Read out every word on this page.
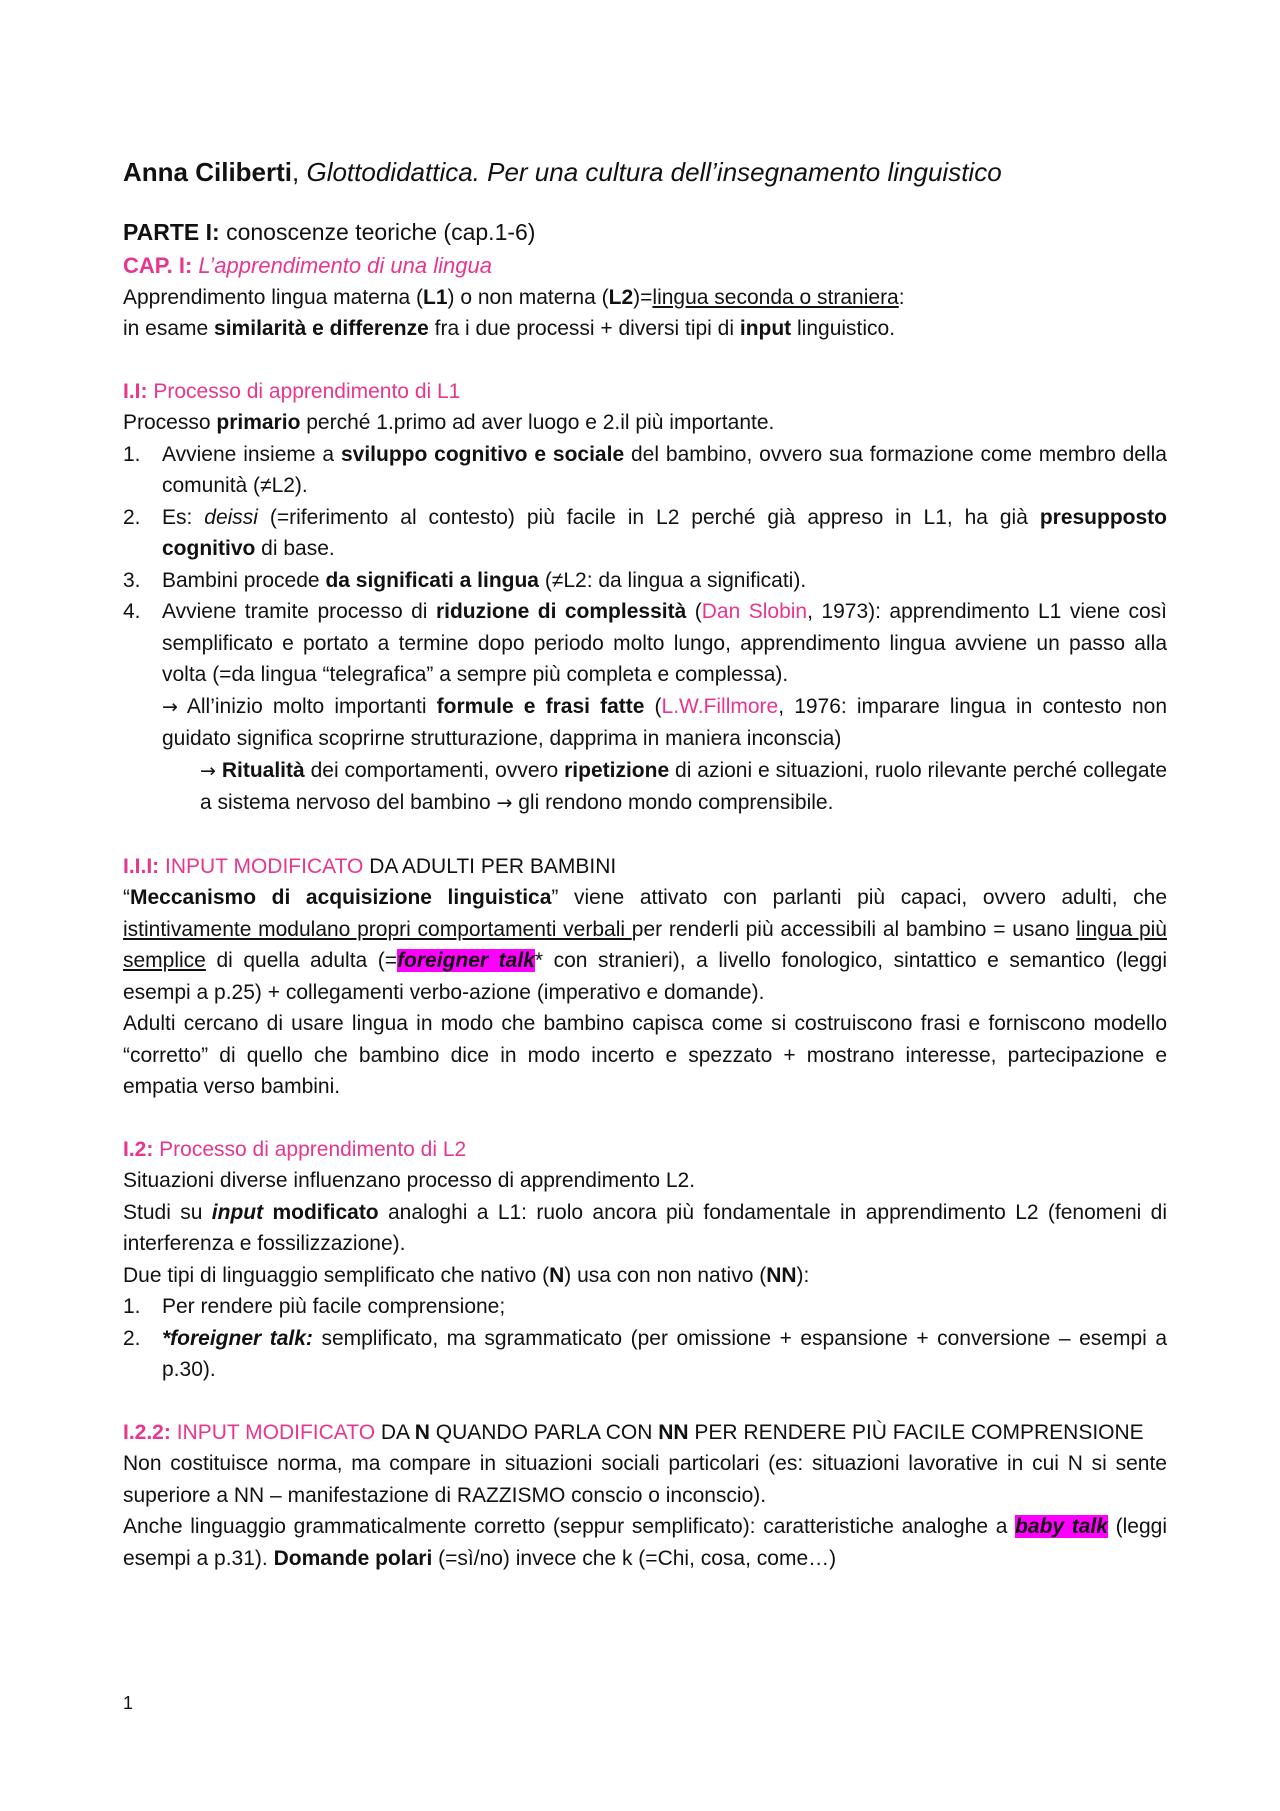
Anna Ciliberti, Glottodidattica. Per una cultura dell’insegnamento linguistico

PARTE I: conoscenze teoriche (cap.1-6)

CAP. I: L’apprendimento di una lingua

Apprendimento lingua materna (L1) o non materna (L2)=lingua seconda o straniera:

in esame similarità e differenze fra i due processi + diversi tipi di input linguistico.

I.I: Processo di apprendimento di L1

Processo primario perché 1.primo ad aver luogo e 2.il più importante.

1. Avviene insieme a sviluppo cognitivo e sociale del bambino, ovvero sua formazione come membro della comunità (≠L2).
2. Es: deissi (=riferimento al contesto) più facile in L2 perché già appreso in L1, ha già presupposto cognitivo di base.
3. Bambini procede da significati a lingua (≠L2: da lingua a significati).
4. Avviene tramite processo di riduzione di complessità (Dan Slobin, 1973): apprendimento L1 viene così semplificato e portato a termine dopo periodo molto lungo, apprendimento lingua avviene un passo alla volta (=da lingua “telegrafica” a sempre più completa e complessa).
→ All’inizio molto importanti formule e frasi fatte (L.W.Fillmore, 1976: imparare lingua in contesto non guidato significa scoprirne strutturazione, dapprima in maniera inconscia)
→ Ritualità dei comportamenti, ovvero ripetizione di azioni e situazioni, ruolo rilevante perché collegate a sistema nervoso del bambino → gli rendono mondo comprensibile.

I.I.I: INPUT MODIFICATO DA ADULTI PER BAMBINI

“Meccanismo di acquisizione linguistica” viene attivato con parlanti più capaci, ovvero adulti, che istintivamente modulano propri comportamenti verbali per renderli più accessibili al bambino = usano lingua più semplice di quella adulta (=foreigner talk* con stranieri), a livello fonologico, sintattico e semantico (leggi esempi a p.25) + collegamenti verbo-azione (imperativo e domande).

Adulti cercano di usare lingua in modo che bambino capisca come si costruiscono frasi e forniscono modello “corretto” di quello che bambino dice in modo incerto e spezzato + mostrano interesse, partecipazione e empatia verso bambini.

I.2: Processo di apprendimento di L2

Situazioni diverse influenzano processo di apprendimento L2.

Studi su input modificato analoghi a L1: ruolo ancora più fondamentale in apprendimento L2 (fenomeni di interferenza e fossilizzazione).

Due tipi di linguaggio semplificato che nativo (N) usa con non nativo (NN):

1. Per rendere più facile comprensione;
2. *foreigner talk: semplificato, ma sgrammaticato (per omissione + espansione + conversione – esempi a p.30).

I.2.2: INPUT MODIFICATO DA N QUANDO PARLA CON NN PER RENDERE PIÙ FACILE COMPRENSIONE

Non costituisce norma, ma compare in situazioni sociali particolari (es: situazioni lavorative in cui N si sente superiore a NN – manifestazione di RAZZISMO conscio o inconscio).

Anche linguaggio grammaticalmente corretto (seppur semplificato): caratteristiche analoghe a baby talk (leggi esempi a p.31). Domande polari (=sì/no) invece che k (=Chi, cosa, come…)

1
